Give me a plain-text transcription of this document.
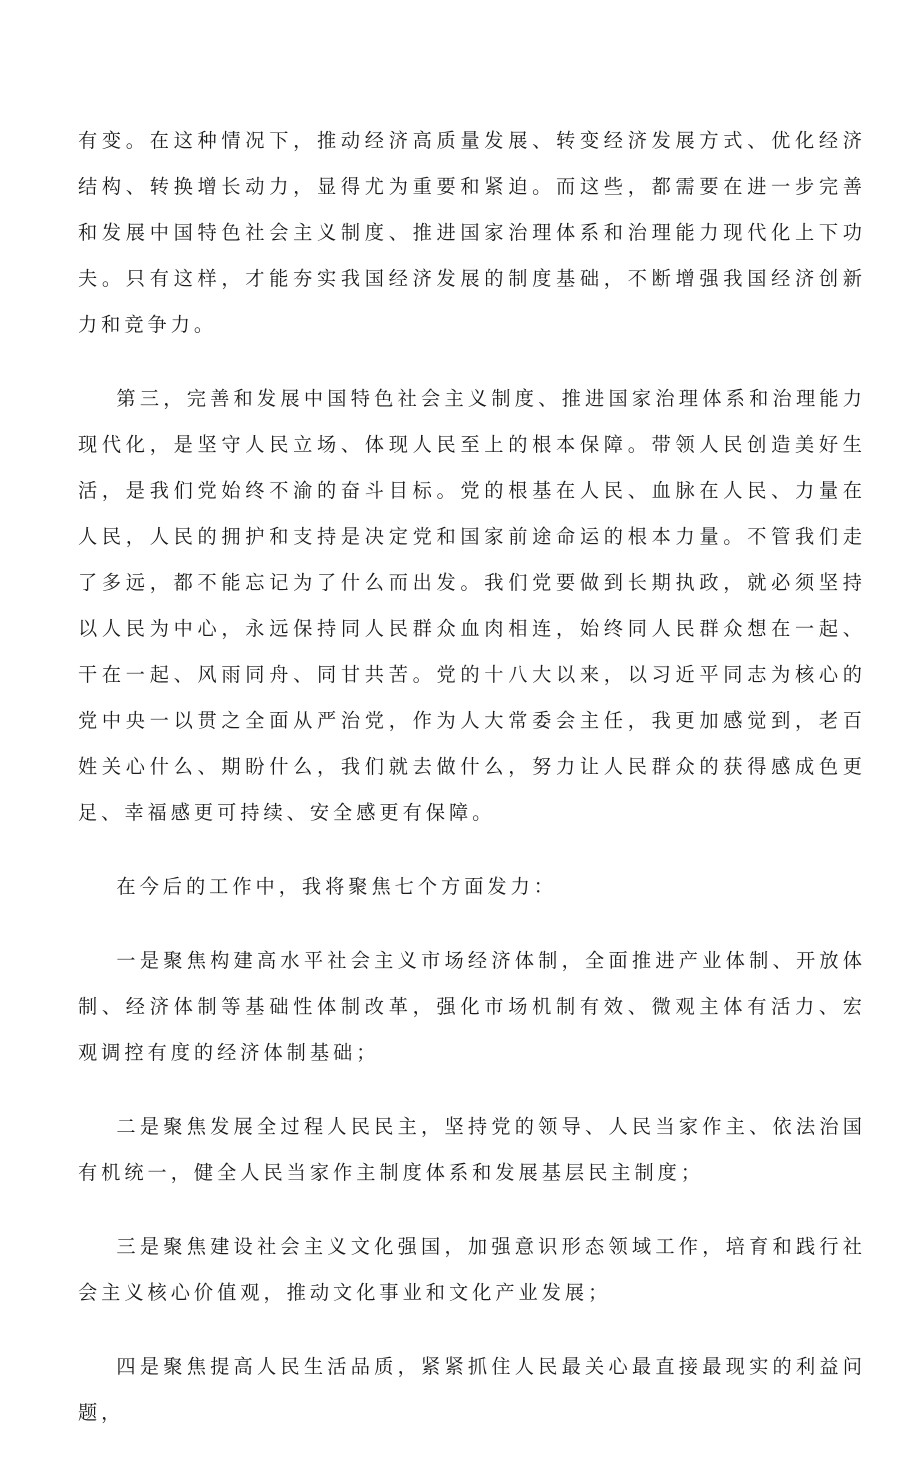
有变。在这种情况下，推动经济高质量发展、转变经济发展方式、优化经济结构、转换增长动力，显得尤为重要和紧迫。而这些，都需要在进一步完善和发展中国特色社会主义制度、推进国家治理体系和治理能力现代化上下功夫。只有这样，才能夯实我国经济发展的制度基础，不断增强我国经济创新力和竞争力。

第三，完善和发展中国特色社会主义制度、推进国家治理体系和治理能力现代化，是坚守人民立场、体现人民至上的根本保障。带领人民创造美好生活，是我们党始终不渝的奋斗目标。党的根基在人民、血脉在人民、力量在人民，人民的拥护和支持是决定党和国家前途命运的根本力量。不管我们走了多远，都不能忘记为了什么而出发。我们党要做到长期执政，就必须坚持以人民为中心，永远保持同人民群众血肉相连，始终同人民群众想在一起、干在一起、风雨同舟、同甘共苦。党的十八大以来，以习近平同志为核心的党中央一以贯之全面从严治党，作为人大常委会主任，我更加感觉到，老百姓关心什么、期盼什么，我们就去做什么，努力让人民群众的获得感成色更足、幸福感更可持续、安全感更有保障。

在今后的工作中，我将聚焦七个方面发力：

一是聚焦构建高水平社会主义市场经济体制，全面推进产业体制、开放体制、经济体制等基础性体制改革，强化市场机制有效、微观主体有活力、宏观调控有度的经济体制基础；

二是聚焦发展全过程人民民主，坚持党的领导、人民当家作主、依法治国有机统一，健全人民当家作主制度体系和发展基层民主制度；

三是聚焦建设社会主义文化强国，加强意识形态领域工作，培育和践行社会主义核心价值观，推动文化事业和文化产业发展；

四是聚焦提高人民生活品质，紧紧抓住人民最关心最直接最现实的利益问题，
